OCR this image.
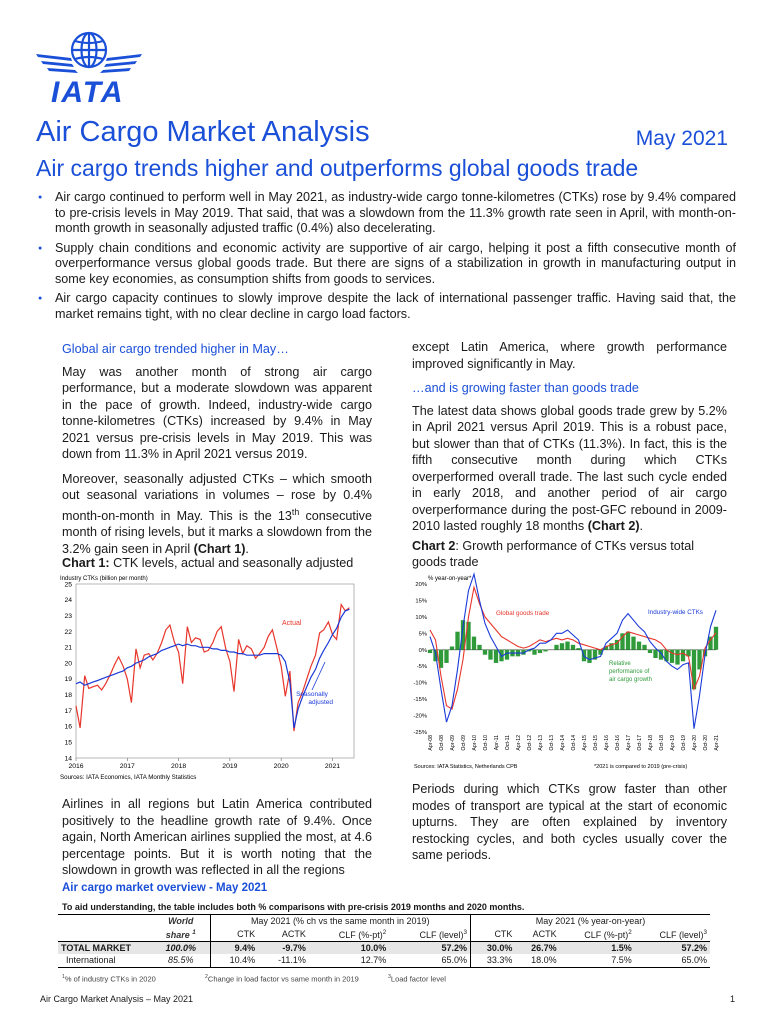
IATA
Air Cargo Market Analysis	May 2021
Air cargo trends higher and outperforms global goods trade
● Air cargo continued to perform well in May 2021, as industry-wide cargo tonne-kilometres (CTKs) rose by 9.4% compared to pre-crisis levels in May 2019. That said, that was a slowdown from the 11.3% growth rate seen in April, with month-on-month growth in seasonally adjusted traffic (0.4%) also decelerating.
● Supply chain conditions and economic activity are supportive of air cargo, helping it post a fifth consecutive month of overperformance versus global goods trade. But there are signs of a stabilization in growth in manufacturing output in some key economies, as consumption shifts from goods to services.
● Air cargo capacity continues to slowly improve despite the lack of international passenger traffic. Having said that, the market remains tight, with no clear decline in cargo load factors.
Global air cargo trended higher in May…

May was another month of strong air cargo performance, but a moderate slowdown was apparent in the pace of growth. Indeed, industry-wide cargo tonne-kilometres (CTKs) increased by 9.4% in May 2021 versus pre-crisis levels in May 2019. This was down from 11.3% in April 2021 versus 2019.

Moreover, seasonally adjusted CTKs – which smooth out seasonal variations in volumes – rose by 0.4% month-on-month in May. This is the 13th consecutive month of rising levels, but it marks a slowdown from the 3.2% gain seen in April (Chart 1).

Chart 1: CTK levels, actual and seasonally adjusted
Industry CTKs (billion per month)
14
15
16
17
18
19
20
21
22
23
24
25
2016	2017	2018	2019	2020	2021
Actual
Seasonally
adjusted
Sources: IATA Economics, IATA Monthly Statistics

Airlines in all regions but Latin America contributed positively to the headline growth rate of 9.4%. Once again, North American airlines supplied the most, at 4.6 percentage points. But it is worth noting that the slowdown in growth was reflected in all the regions

except Latin America, where growth performance improved significantly in May.

…and is growing faster than goods trade

The latest data shows global goods trade grew by 5.2% in April 2021 versus April 2019. This is a robust pace, but slower than that of CTKs (11.3%). In fact, this is the fifth consecutive month during which CTKs overperformed overall trade. The last such cycle ended in early 2018, and another period of air cargo overperformance during the post-GFC rebound in 2009-2010 lasted roughly 18 months (Chart 2).

Chart 2: Growth performance of CTKs versus total goods trade
% year-on-year*
-25%
-20%
-15%
-10%
-5%
0%
5%
10%
15%
20%
Apr-08 Oct-08 Apr-09 Oct-09 Apr-10 Oct-10 Apr-11 Oct-11 Apr-12 Oct-12 Apr-13 Oct-13 Apr-14 Oct-14 Apr-15 Oct-15 Apr-16 Oct-16 Apr-17 Oct-17 Apr-18 Oct-18 Apr-19 Oct-19 Apr-20 Oct-20 Apr-21
Global goods trade	Industry-wide CTKs
Relative
performance of
air cargo growth
Sources: IATA Statistics, Netherlands CPB	*2021 is compared to 2019 (pre-crisis)

Periods during which CTKs grow faster than other modes of transport are typical at the start of economic upturns. They are often explained by inventory restocking cycles, and both cycles usually cover the same periods.

Air cargo market overview - May 2021
To aid understanding, the table includes both % comparisons with pre-crisis 2019 months and 2020 months.
	World	May 2021 (% ch vs the same month in 2019)				May 2021 (% year-on-year)			
	share $^1$	CTK	ACTK	CLF $(\%-pt)^2$	CLF (level)$^3$	CTK	ACTK	CLF $(\%-pt)^2$	CLF (level)$^3$
TOTAL MARKET	100.0%	9.4%	-9.7%	10.0%	57.2%	30.0%	26.7%	1.5%	57.2%
International	85.5%	10.4%	-11.1%	12.7%	65.0%	33.3%	18.0%	7.5%	65.0%
$^1$% of industry CTKs in 2020	$^2$Change in load factor vs same month in 2019	$^3$Load factor level
Air Cargo Market Analysis – May 2021	1
